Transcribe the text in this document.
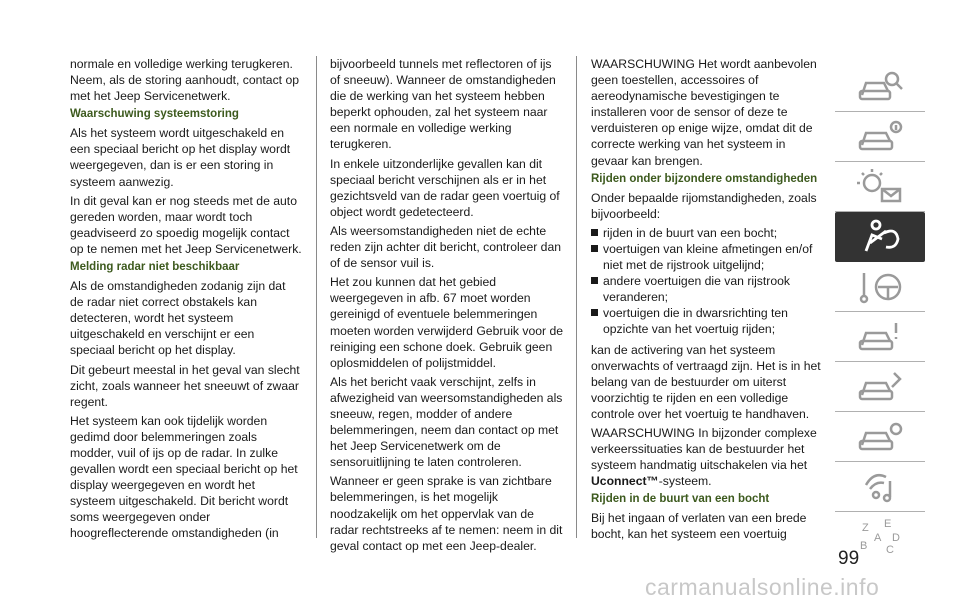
normale en volledige werking terugkeren. Neem, als de storing aanhoudt, contact op met het Jeep Servicenetwerk.

Waarschuwing systeemstoring

Als het systeem wordt uitgeschakeld en een speciaal bericht op het display wordt weergegeven, dan is er een storing in systeem aanwezig.

In dit geval kan er nog steeds met de auto gereden worden, maar wordt toch geadviseerd zo spoedig mogelijk contact op te nemen met het Jeep Servicenetwerk.

Melding radar niet beschikbaar

Als de omstandigheden zodanig zijn dat de radar niet correct obstakels kan detecteren, wordt het systeem uitgeschakeld en verschijnt er een speciaal bericht op het display.

Dit gebeurt meestal in het geval van slecht zicht, zoals wanneer het sneeuwt of zwaar regent.

Het systeem kan ook tijdelijk worden gedimd door belemmeringen zoals modder, vuil of ijs op de radar. In zulke gevallen wordt een speciaal bericht op het display weergegeven en wordt het systeem uitgeschakeld. Dit bericht wordt soms weergegeven onder hoogreflecterende omstandigheden (in

bijvoorbeeld tunnels met reflectoren of ijs of sneeuw). Wanneer de omstandigheden die de werking van het systeem hebben beperkt ophouden, zal het systeem naar een normale en volledige werking terugkeren.

In enkele uitzonderlijke gevallen kan dit speciaal bericht verschijnen als er in het gezichtsveld van de radar geen voertuig of object wordt gedetecteerd.

Als weersomstandigheden niet de echte reden zijn achter dit bericht, controleer dan of de sensor vuil is.

Het zou kunnen dat het gebied weergegeven in afb. 67 moet worden gereinigd of eventuele belemmeringen moeten worden verwijderd Gebruik voor de reiniging een schone doek. Gebruik geen oplosmiddelen of polijstmiddel.

Als het bericht vaak verschijnt, zelfs in afwezigheid van weersomstandigheden als sneeuw, regen, modder of andere belemmeringen, neem dan contact op met het Jeep Servicenetwerk om de sensoruitlijning te laten controleren.

Wanneer er geen sprake is van zichtbare belemmeringen, is het mogelijk noodzakelijk om het oppervlak van de radar rechtstreeks af te nemen: neem in dit geval contact op met een Jeep-dealer.

WAARSCHUWING Het wordt aanbevolen geen toestellen, accessoires of aereodynamische bevestigingen te installeren voor de sensor of deze te verduisteren op enige wijze, omdat dit de correcte werking van het systeem in gevaar kan brengen.

Rijden onder bijzondere omstandigheden

Onder bepaalde rijomstandigheden, zoals bijvoorbeeld:

rijden in de buurt van een bocht;
voertuigen van kleine afmetingen en/of niet met de rijstrook uitgelijnd;
andere voertuigen die van rijstrook veranderen;
voertuigen die in dwarsrichting ten opzichte van het voertuig rijden;

kan de activering van het systeem onverwachts of vertraagd zijn. Het is in het belang van de bestuurder om uiterst voorzichtig te rijden en een volledige controle over het voertuig te handhaven.

WAARSCHUWING In bijzonder complexe verkeerssituaties kan de bestuurder het systeem handmatig uitschakelen via het Uconnect™-systeem.

Rijden in de buurt van een bocht

Bij het ingaan of verlaten van een brede bocht, kan het systeem een voertuig	Z E
B
A
C
D
99
carmanualsonline.info
